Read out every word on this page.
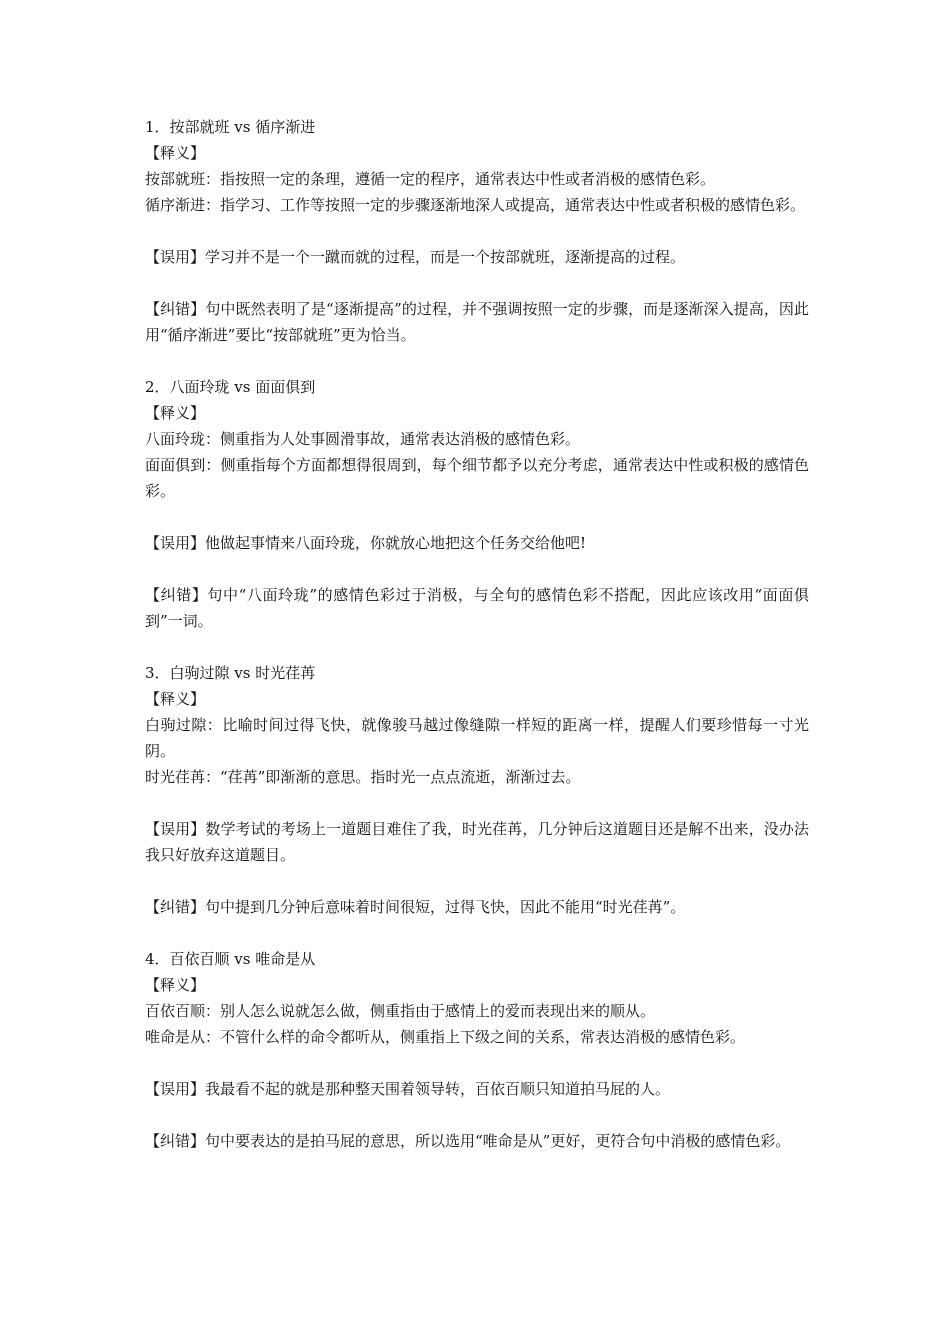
1．按部就班 vs 循序渐进

【释义】

按部就班：指按照一定的条理，遵循一定的程序，通常表达中性或者消极的感情色彩。

循序渐进：指学习、工作等按照一定的步骤逐渐地深人或提高，通常表达中性或者积极的感情色彩。

【误用】学习并不是一个一蹴而就的过程，而是一个按部就班，逐渐提高的过程。

【纠错】句中既然表明了是“逐渐提高”的过程，并不强调按照一定的步骤，而是逐渐深入提高，因此用“循序渐进”要比“按部就班”更为恰当。

2．八面玲珑 vs 面面俱到

【释义】

八面玲珑：侧重指为人处事圆滑事故，通常表达消极的感情色彩。

面面俱到：侧重指每个方面都想得很周到，每个细节都予以充分考虑，通常表达中性或积极的感情色彩。

【误用】他做起事情来八面玲珑，你就放心地把这个任务交给他吧!

【纠错】句中“八面玲珑”的感情色彩过于消极，与全句的感情色彩不搭配，因此应该改用“面面俱到”一词。

3．白驹过隙 vs 时光荏苒

【释义】

白驹过隙：比喻时间过得飞快，就像骏马越过像缝隙一样短的距离一样，提醒人们要珍惜每一寸光阴。

时光荏苒：“荏苒”即渐渐的意思。指时光一点点流逝，渐渐过去。

【误用】数学考试的考场上一道题目难住了我，时光荏苒，几分钟后这道题目还是解不出来，没办法我只好放弃这道题目。

【纠错】句中提到几分钟后意味着时间很短，过得飞快，因此不能用“时光荏苒”。

4．百依百顺 vs 唯命是从

【释义】

百依百顺：别人怎么说就怎么做，侧重指由于感情上的爱而表现出来的顺从。

唯命是从：不管什么样的命令都听从，侧重指上下级之间的关系，常表达消极的感情色彩。

【误用】我最看不起的就是那种整天围着领导转，百依百顺只知道拍马屁的人。

【纠错】句中要表达的是拍马屁的意思，所以选用“唯命是从”更好，更符合句中消极的感情色彩。
